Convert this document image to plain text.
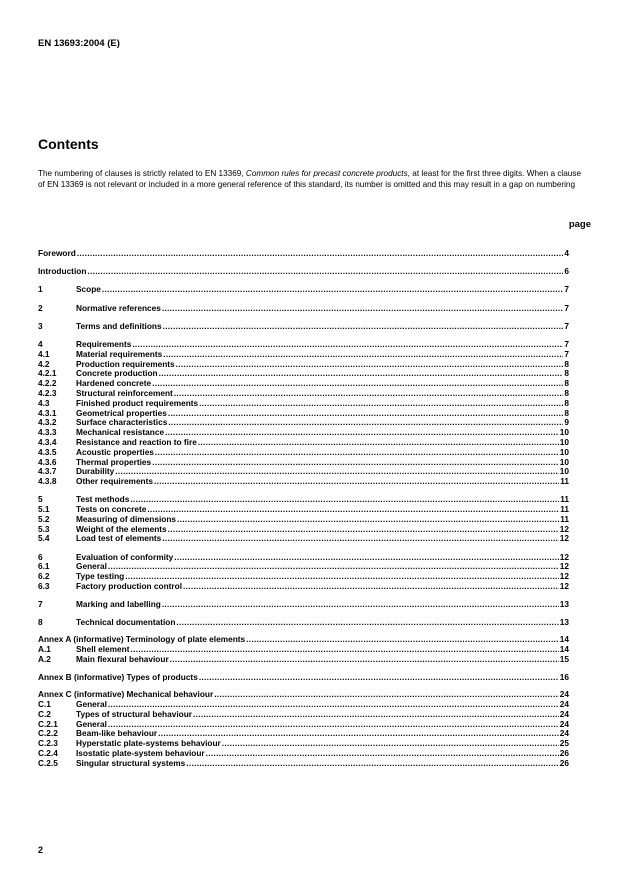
EN 13693:2004 (E)
Contents
The numbering of clauses is strictly related to EN 13369, Common rules for precast concrete products, at least for the first three digits. When a clause of EN 13369 is not relevant or included in a more general reference of this standard, its number is omitted and this may result in a gap on numbering
page
Foreword .....	4
Introduction .....	6
1	Scope .....	7
2	Normative references .....	7
3	Terms and definitions .....	7
4	Requirements .....	7
4.1	Material requirements .....	7
4.2	Production requirements .....	8
4.2.1	Concrete production .....	8
4.2.2	Hardened concrete .....	8
4.2.3	Structural reinforcement .....	8
4.3	Finished product requirements .....	8
4.3.1	Geometrical properties .....	8
4.3.2	Surface characteristics .....	9
4.3.3	Mechanical resistance .....	10
4.3.4	Resistance and reaction to fire .....	10
4.3.5	Acoustic properties .....	10
4.3.6	Thermal properties .....	10
4.3.7	Durability .....	10
4.3.8	Other requirements .....	11
5	Test methods .....	11
5.1	Tests on concrete .....	11
5.2	Measuring of dimensions .....	11
5.3	Weight of the elements .....	12
5.4	Load test of elements .....	12
6	Evaluation of conformity .....	12
6.1	General .....	12
6.2	Type testing .....	12
6.3	Factory production control .....	12
7	Marking and labelling .....	13
8	Technical documentation .....	13
Annex A (informative) Terminology of plate elements .....	14
A.1	Shell element .....	14
A.2	Main flexural behaviour .....	15
Annex B (informative) Types of products .....	16
Annex C (informative) Mechanical behaviour .....	24
C.1	General .....	24
C.2	Types of structural behaviour .....	24
C.2.1	General .....	24
C.2.2	Beam-like behaviour .....	24
C.2.3	Hyperstatic plate-systems behaviour .....	25
C.2.4	Isostatic plate-system behaviour .....	26
C.2.5	Singular structural systems .....	26
2
